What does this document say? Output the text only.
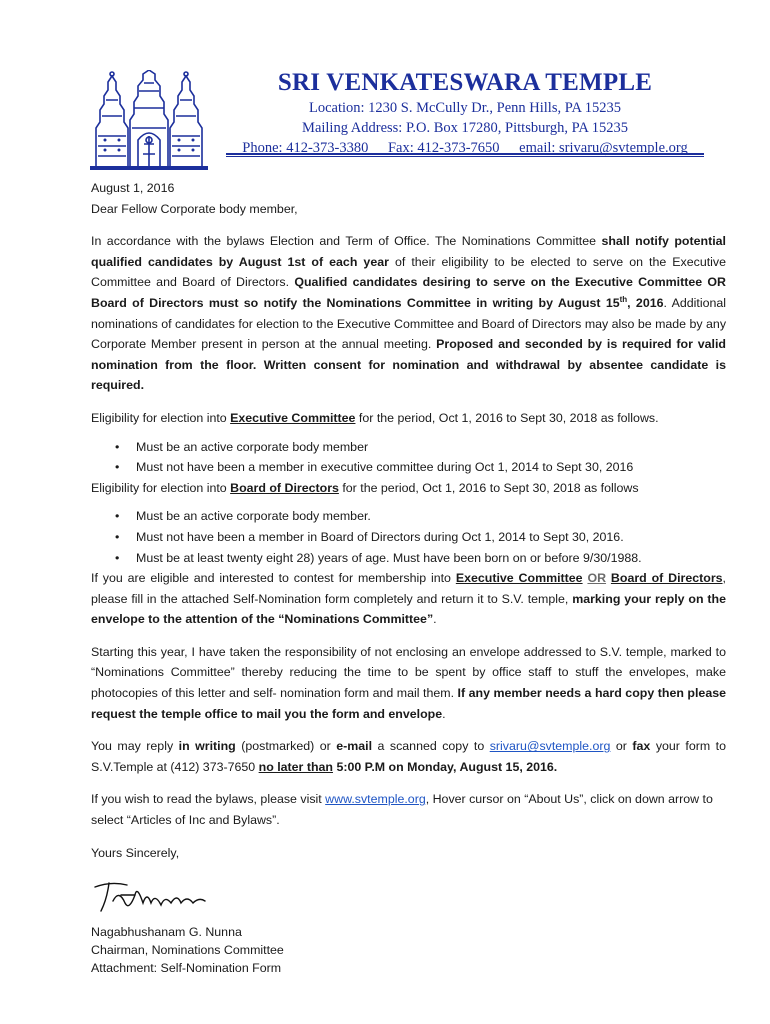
SRI VENKATESWARA TEMPLE
Location: 1230 S. McCully Dr., Penn Hills, PA 15235
Mailing Address: P.O. Box 17280, Pittsburgh, PA 15235
Phone: 412-373-3380 Fax: 412-373-7650 email: srivaru@svtemple.org

August 1, 2016

Dear Fellow Corporate body member,

In accordance with the bylaws Election and Term of Office. The Nominations Committee shall notify potential qualified candidates by August 1st of each year of their eligibility to be elected to serve on the Executive Committee and Board of Directors. Qualified candidates desiring to serve on the Executive Committee OR Board of Directors must so notify the Nominations Committee in writing by August 15th, 2016. Additional nominations of candidates for election to the Executive Committee and Board of Directors may also be made by any Corporate Member present in person at the annual meeting. Proposed and seconded by is required for valid nomination from the floor. Written consent for nomination and withdrawal by absentee candidate is required.

Eligibility for election into Executive Committee for the period, Oct 1, 2016 to Sept 30, 2018 as follows.

• Must be an active corporate body member
• Must not have been a member in executive committee during Oct 1, 2014 to Sept 30, 2016

Eligibility for election into Board of Directors for the period, Oct 1, 2016 to Sept 30, 2018 as follows

• Must be an active corporate body member.
• Must not have been a member in Board of Directors during Oct 1, 2014 to Sept 30, 2016.
• Must be at least twenty eight 28) years of age. Must have been born on or before 9/30/1988.

If you are eligible and interested to contest for membership into Executive Committee OR Board of Directors, please fill in the attached Self-Nomination form completely and return it to S.V. temple, marking your reply on the envelope to the attention of the “Nominations Committee”.

Starting this year, I have taken the responsibility of not enclosing an envelope addressed to S.V. temple, marked to “Nominations Committee” thereby reducing the time to be spent by office staff to stuff the envelopes, make photocopies of this letter and self- nomination form and mail them. If any member needs a hard copy then please request the temple office to mail you the form and envelope.

You may reply in writing (postmarked) or e-mail a scanned copy to srivaru@svtemple.org or fax your form to S.V.Temple at (412) 373-7650 no later than 5:00 P.M on Monday, August 15, 2016.

If you wish to read the bylaws, please visit www.svtemple.org, Hover cursor on “About Us”, click on down arrow to select “Articles of Inc and Bylaws”.

Yours Sincerely,

Nagabhushanam G. Nunna

Chairman, Nominations Committee

Attachment: Self-Nomination Form
